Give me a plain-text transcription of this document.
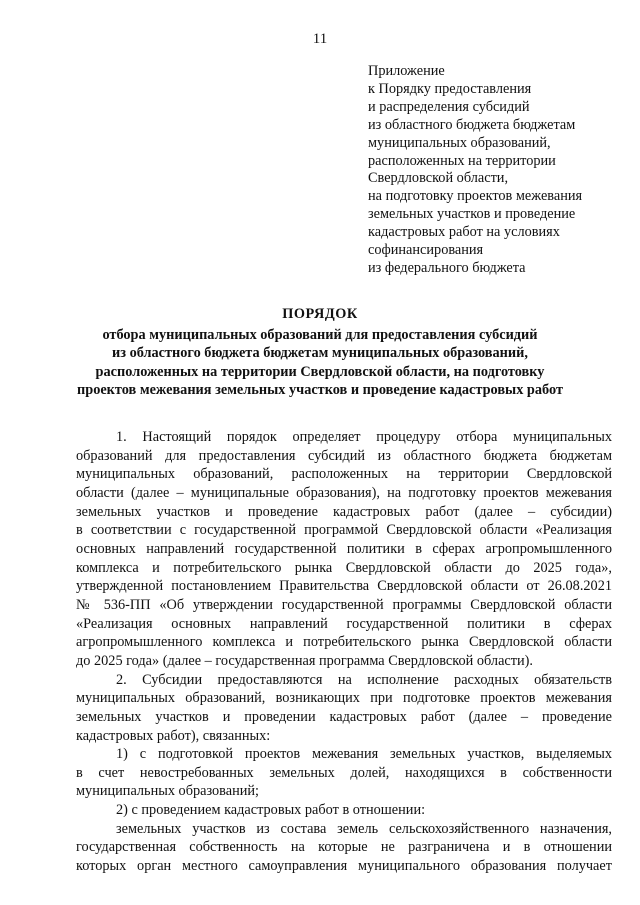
11
Приложение
к Порядку предоставления
и распределения субсидий
из областного бюджета бюджетам
муниципальных образований,
расположенных на территории
Свердловской области,
на подготовку проектов межевания
земельных участков и проведение
кадастровых работ на условиях
софинансирования
из федерального бюджета
ПОРЯДОК
отбора муниципальных образований для предоставления субсидий
из областного бюджета бюджетам муниципальных образований,
расположенных на территории Свердловской области, на подготовку
проектов межевания земельных участков и проведение кадастровых работ
1. Настоящий порядок определяет процедуру отбора муниципальных
образований для предоставления субсидий из областного бюджета бюджетам
муниципальных образований, расположенных на территории Свердловской
области (далее – муниципальные образования), на подготовку проектов межевания
земельных участков и проведение кадастровых работ (далее – субсидии)
в соответствии с государственной программой Свердловской области «Реализация
основных направлений государственной политики в сферах агропромышленного
комплекса и потребительского рынка Свердловской области до 2025 года»,
утвержденной постановлением Правительства Свердловской области от 26.08.2021
№ 536-ПП «Об утверждении государственной программы Свердловской области
«Реализация основных направлений государственной политики в сферах
агропромышленного комплекса и потребительского рынка Свердловской области
до 2025 года» (далее – государственная программа Свердловской области).
2. Субсидии предоставляются на исполнение расходных обязательств
муниципальных образований, возникающих при подготовке проектов межевания
земельных участков и проведении кадастровых работ (далее – проведение
кадастровых работ), связанных:
1) с подготовкой проектов межевания земельных участков, выделяемых
в счет невостребованных земельных долей, находящихся в собственности
муниципальных образований;
2) с проведением кадастровых работ в отношении:
земельных участков из состава земель сельскохозяйственного назначения,
государственная собственность на которые не разграничена и в отношении
которых орган местного самоуправления муниципального образования получает
